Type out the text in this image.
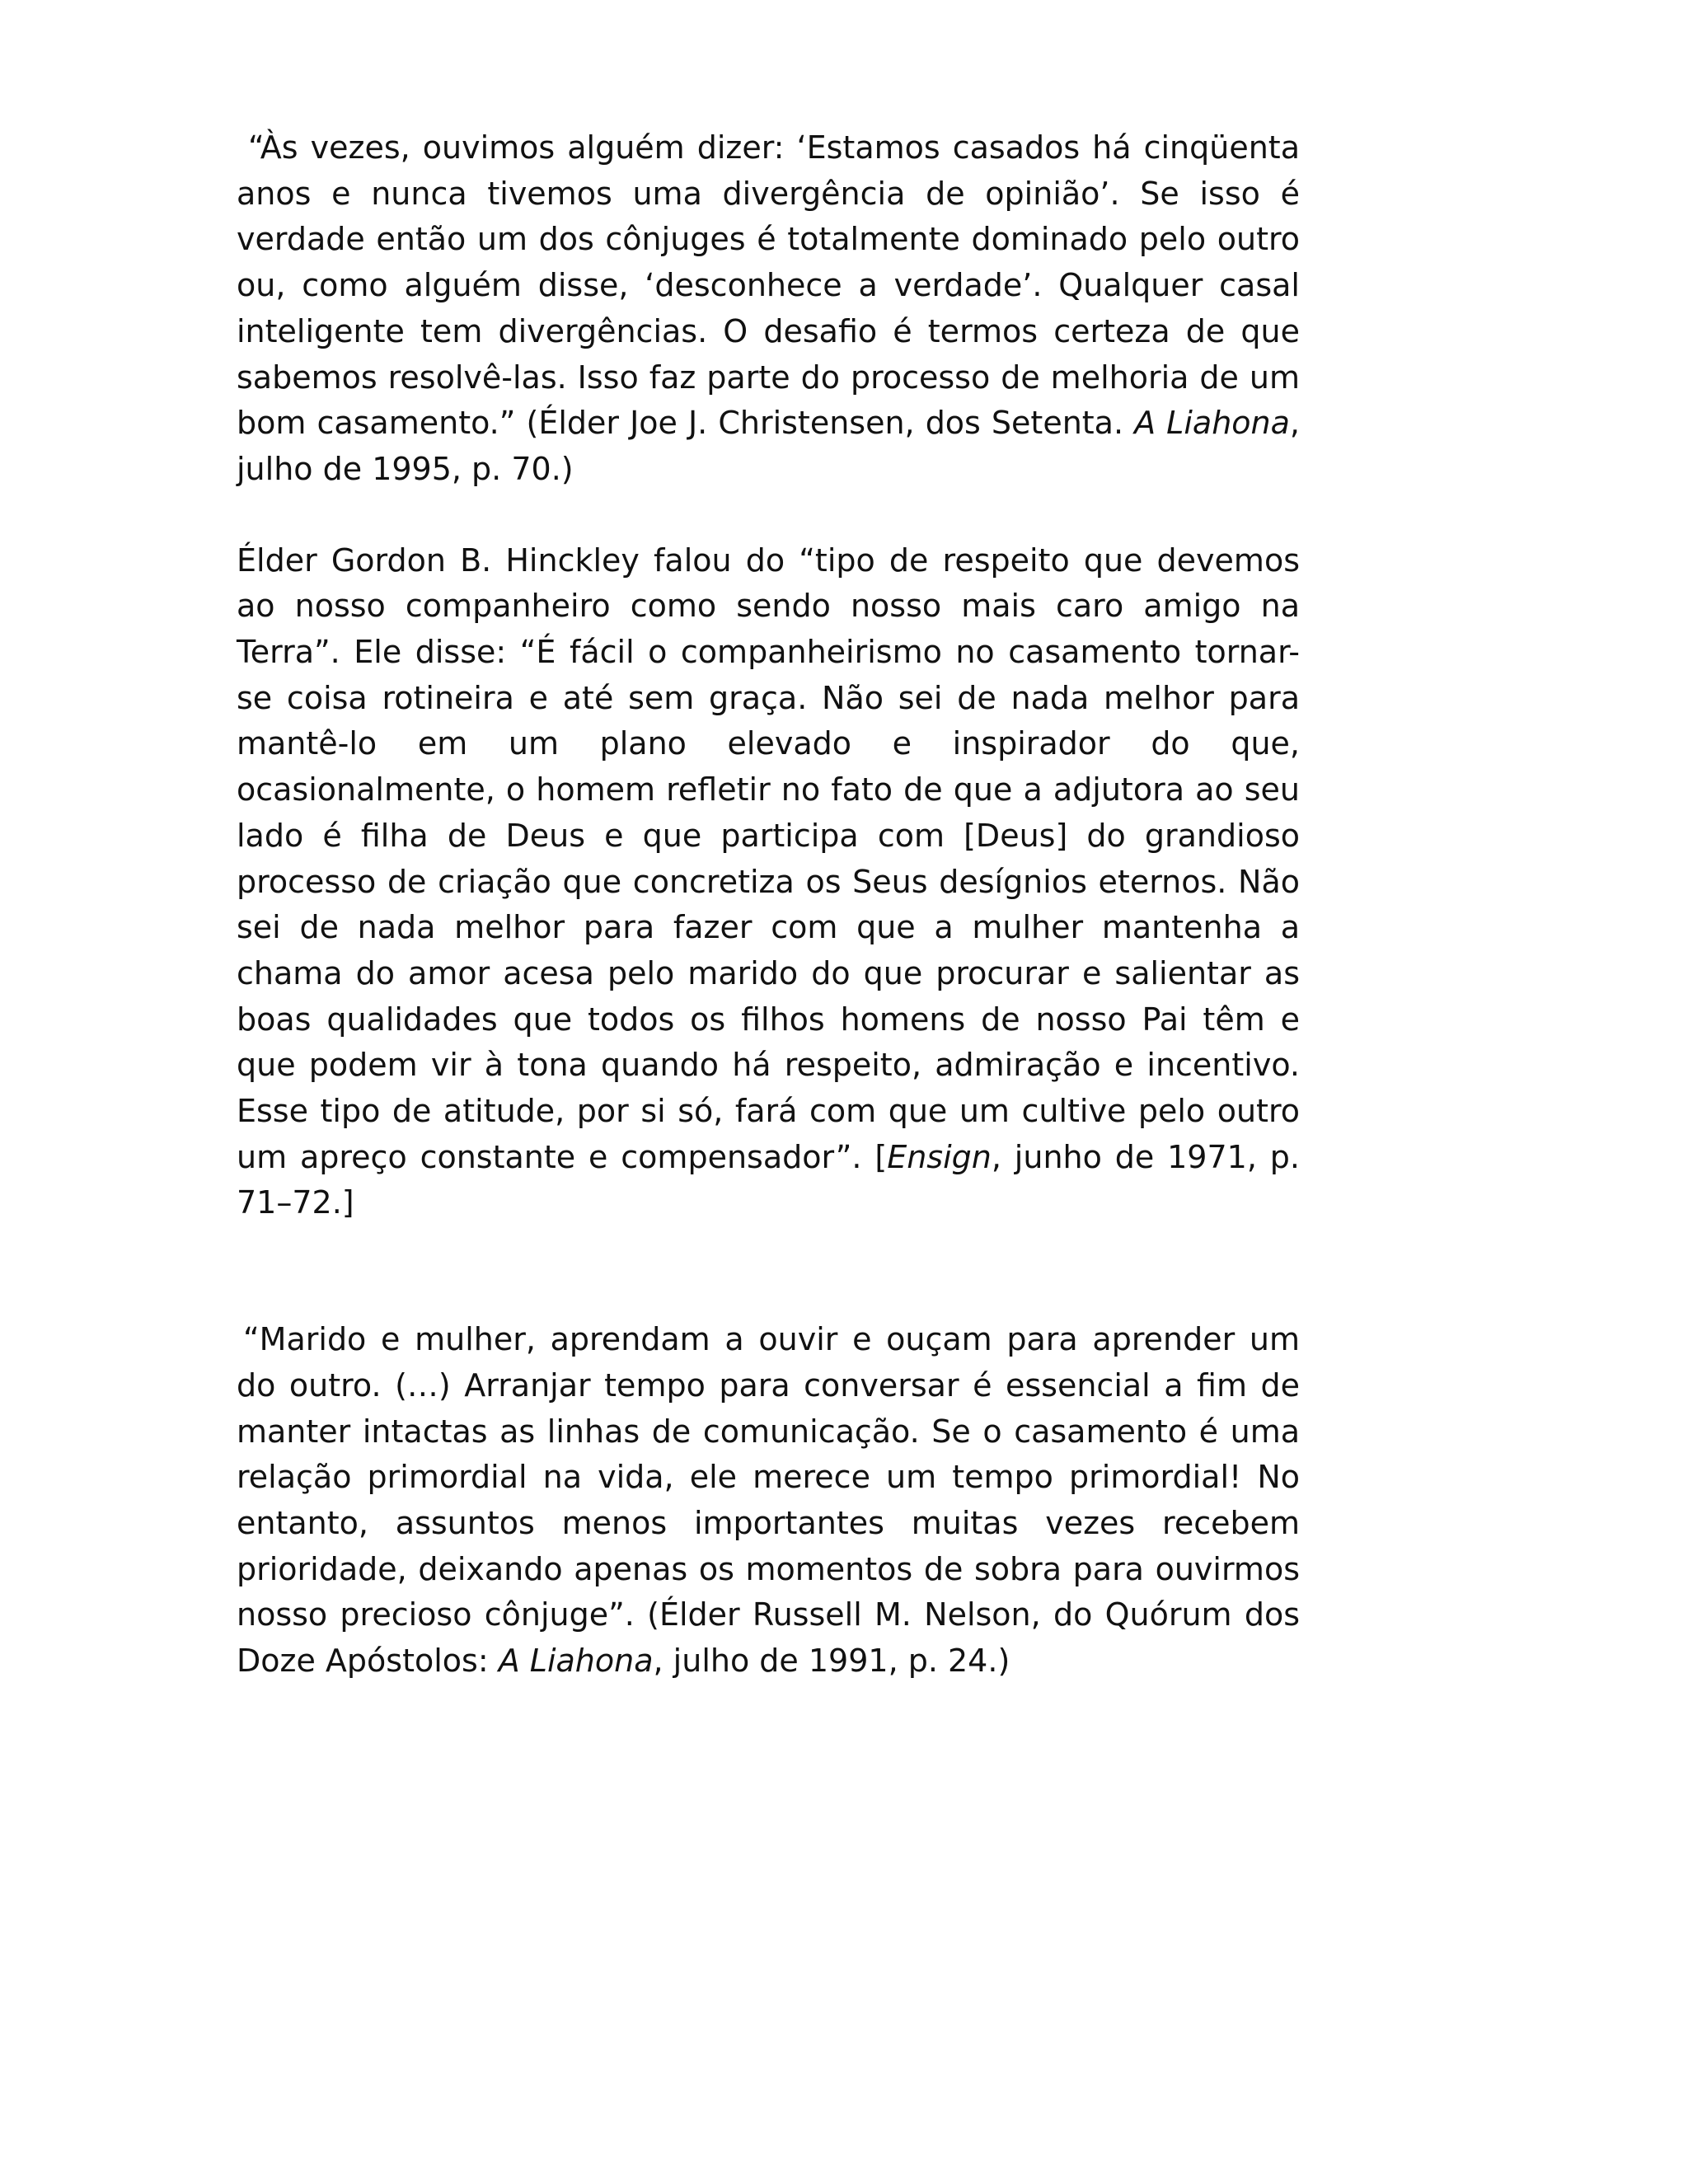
“Às vezes, ouvimos alguém dizer: ‘Estamos casados há cinqüenta anos e nunca tivemos uma divergência de opinião’. Se isso é verdade então um dos cônjuges é totalmente dominado pelo outro ou, como alguém disse, ‘desconhece a verdade’. Qualquer casal inteligente tem divergências. O desafio é termos certeza de que sabemos resolvê-las. Isso faz parte do processo de melhoria de um bom casamento.” (Élder Joe J. Christensen, dos Setenta. A Liahona, julho de 1995, p. 70.)

Élder Gordon B. Hinckley falou do “tipo de respeito que devemos ao nosso companheiro como sendo nosso mais caro amigo na Terra”. Ele disse: “É fácil o companheirismo no casamento tornar-se coisa rotineira e até sem graça. Não sei de nada melhor para mantê-lo em um plano elevado e inspirador do que, ocasionalmente, o homem refletir no fato de que a adjutora ao seu lado é filha de Deus e que participa com [Deus] do grandioso processo de criação que concretiza os Seus desígnios eternos. Não sei de nada melhor para fazer com que a mulher mantenha a chama do amor acesa pelo marido do que procurar e salientar as boas qualidades que todos os filhos homens de nosso Pai têm e que podem vir à tona quando há respeito, admiração e incentivo. Esse tipo de atitude, por si só, fará com que um cultive pelo outro um apreço constante e compensador”. [Ensign, junho de 1971, p. 71–72.]

“Marido e mulher, aprendam a ouvir e ouçam para aprender um do outro. (…) Arranjar tempo para conversar é essencial a fim de manter intactas as linhas de comunicação. Se o casamento é uma relação primordial na vida, ele merece um tempo primordial! No entanto, assuntos menos importantes muitas vezes recebem prioridade, deixando apenas os momentos de sobra para ouvirmos nosso precioso cônjuge”. (Élder Russell M. Nelson, do Quórum dos Doze Apóstolos: A Liahona, julho de 1991, p. 24.)
